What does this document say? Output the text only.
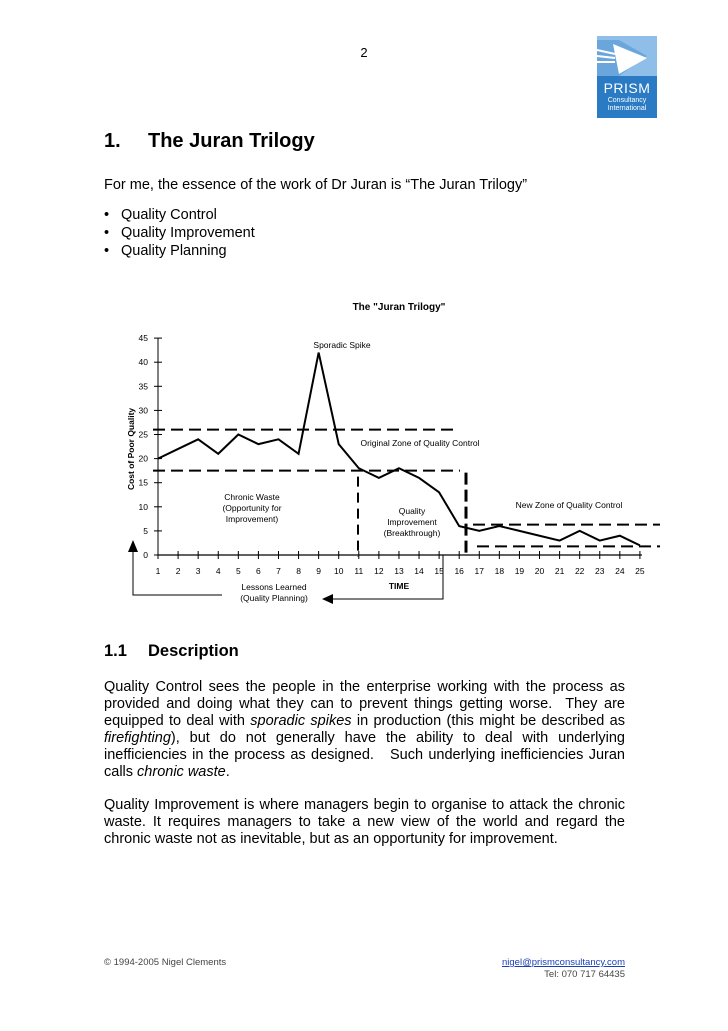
2
PRISM
Consultancy
International
1. The Juran Trilogy

For me, the essence of the work of Dr Juran is “The Juran Trilogy”

• Quality Control
• Quality Improvement
• Quality Planning
The "Juran Trilogy"
0
5
10
15
20
25
30
35
40
45
Cost of Poor Quality
1 2 3 4 5 6 7 8 9 10 11 12 13 14 15 16 17 18 19 20 21 22 23 24 25
TIME
Sporadic Spike
Original Zone of Quality Control
Chronic Waste
(Opportunity for
Improvement)
Quality
Improvement
(Breakthrough)
New Zone of Quality Control
Lessons Learned
(Quality Planning)
1.1 Description

Quality Control sees the people in the enterprise working with the process as provided and doing what they can to prevent things getting worse.  They are equipped to deal with sporadic spikes in production (this might be described as firefighting), but do not generally have the ability to deal with underlying inefficiencies in the process as designed.   Such underlying inefficiencies Juran calls chronic waste.

Quality Improvement is where managers begin to organise to attack the chronic waste. It requires managers to take a new view of the world and regard the chronic waste not as inevitable, but as an opportunity for improvement.

© 1994-2005 Nigel Clements	nigel@prismconsultancy.com
Tel: 070 717 64435
